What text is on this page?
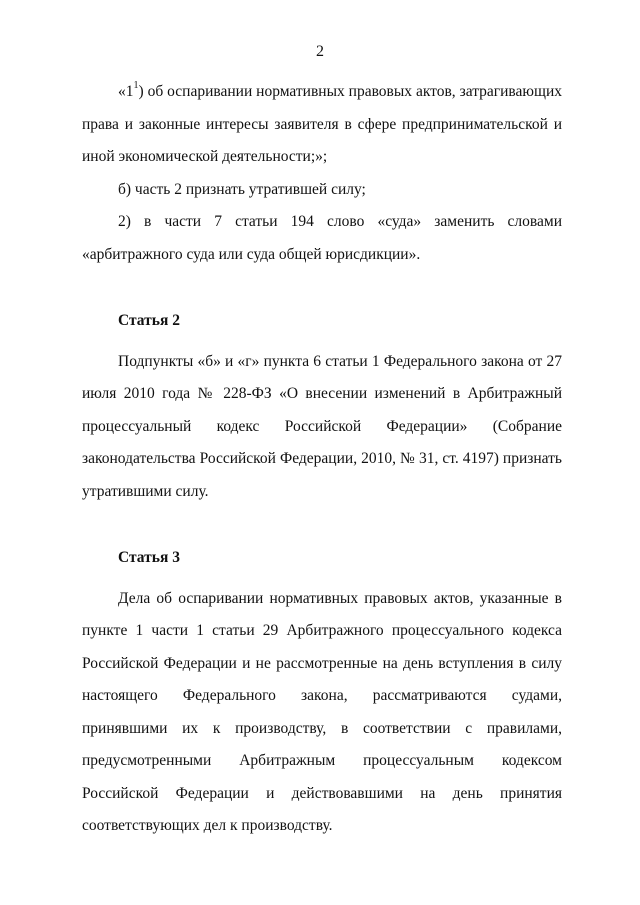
2

«$1^1$) об оспаривании нормативных правовых актов, затрагивающих права и законные интересы заявителя в сфере предпринимательской и иной экономической деятельности;»;

б) часть 2 признать утратившей силу;

2) в части 7 статьи 194 слово «суда» заменить словами «арбитражного суда или суда общей юрисдикции».

Статья 2

Подпункты «б» и «г» пункта 6 статьи 1 Федерального закона от 27 июля 2010 года № 228-ФЗ «О внесении изменений в Арбитражный процессуальный кодекс Российской Федерации» (Собрание законодательства Российской Федерации, 2010, № 31, ст. 4197) признать утратившими силу.

Статья 3

Дела об оспаривании нормативных правовых актов, указанные в пункте 1 части 1 статьи 29 Арбитражного процессуального кодекса Российской Федерации и не рассмотренные на день вступления в силу настоящего Федерального закона, рассматриваются судами, принявшими их к производству, в соответствии с правилами, предусмотренными Арбитражным процессуальным кодексом Российской Федерации и действовавшими на день принятия соответствующих дел к производству.
